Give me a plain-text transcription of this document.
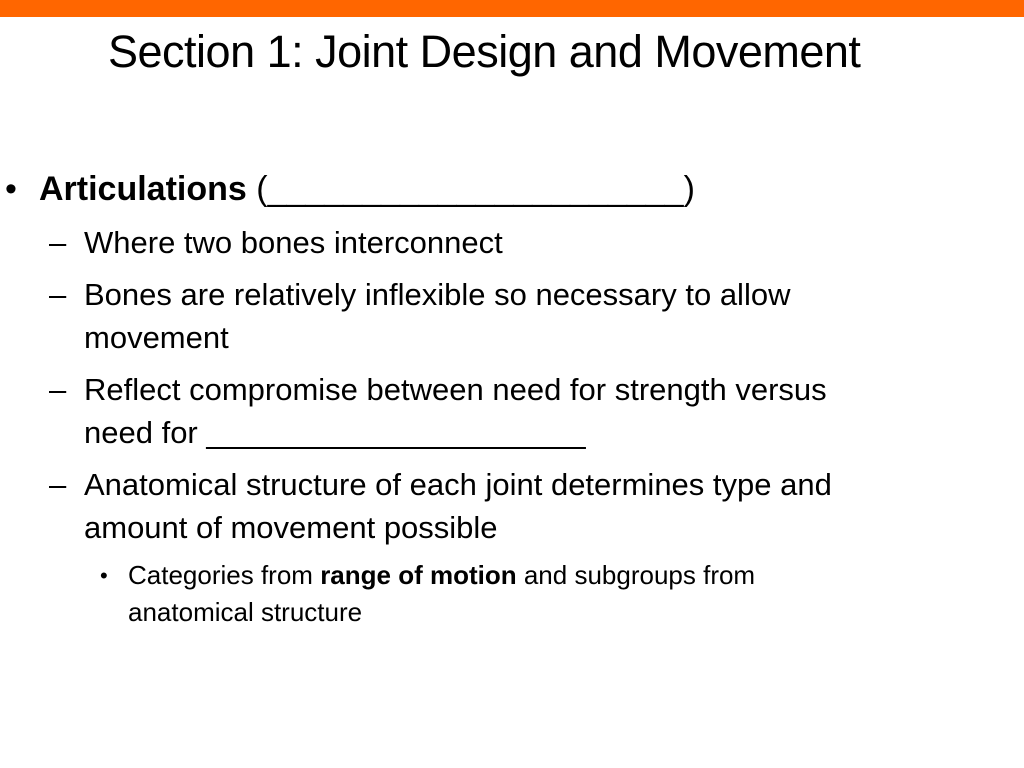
Section 1: Joint Design and Movement
• Articulations (______________________)
– Where two bones interconnect
– Bones are relatively inflexible so necessary to allow movement
– Reflect compromise between need for strength versus need for ______________________
– Anatomical structure of each joint determines type and amount of movement possible
• Categories from range of motion and subgroups from anatomical structure
